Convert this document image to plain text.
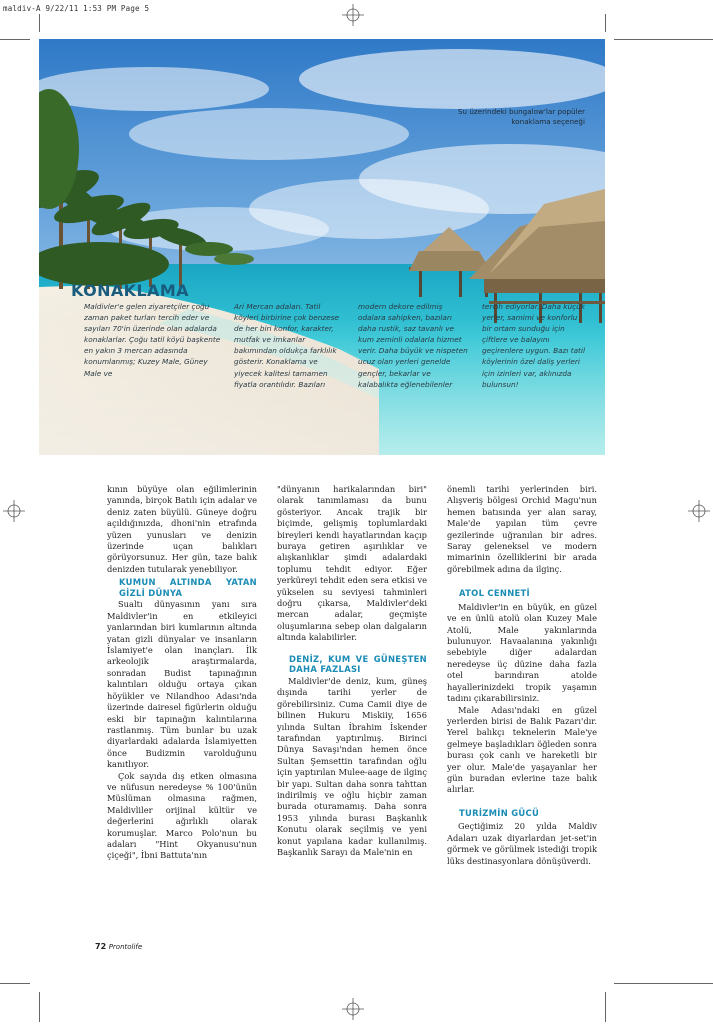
maldiv-A 9/22/11 1:53 PM Page 5
Su üzerindeki bungalow'lar popüler konaklama seçeneği
KONAKLAMA
Maldivler'e gelen ziyaretçiler çoğu zaman paket turları tercih eder ve sayıları 70'in üzerinde olan adalarda konaklarlar. Çoğu tatil köyü başkente en yakın 3 mercan adasında konumlanmış; Kuzey Male, Güney Male ve
Ari Mercan adaları. Tatil köyleri birbirine çok benzese de her biri konfor, karakter, mutfak ve imkanlar bakımından oldukça farklılık gösterir. Konaklama ve yiyecek kalitesi tamamen fiyatla orantılıdır. Bazıları
modern dekore edilmiş odalara sahipken, bazıları daha rustik, saz tavanlı ve kum zeminli odalarla hizmet verir. Daha büyük ve nispeten ucuz olan yerleri genelde gençler, bekarlar ve kalabalıkta eğlenebilenler
tercih ediyorlar. Daha küçük yerler, samimi ve konforlu bir ortam sunduğu için çiftlere ve balayını geçirenlere uygun. Bazı tatil köylerinin özel daliş yerleri için izinleri var, aklınızda bulunsun!

kının büyüye olan eğilimlerinin yanında, birçok Batılı için adalar ve deniz zaten büyülü. Güneye doğru açıldığınızda, dhoni'nin etrafında yüzen yunusları ve denizin üzerinde uçan balıkları görüyorsunuz. Her gün, taze balık denizden tutularak yenebiliyor.

KUMUN ALTINDA YATAN GİZLİ DÜNYA

Sualtı dünyasının yanı sıra Maldivler'in en etkileyici yanlarından biri kumlarının altında yatan gizli dünyalar ve insanların İslamiyet'e olan inançları. İlk arkeolojik araştırmalarda, sonradan Budist tapınağının kalıntıları olduğu ortaya çıkan höyükler ve Nilandhoo Adası'nda üzerinde dairesel figürlerin olduğu eski bir tapınağın kalıntılarına rastlanmış. Tüm bunlar bu uzak diyarlardaki adalarda İslamiyetten önce Budizmin varolduğunu kanıtlıyor.

Çok sayıda dış etken olmasına ve nüfusun neredeyse % 100'ünün Müslüman olmasına rağmen, Maldivliler orijinal kültür ve değerlerini ağırlıklı olarak korumuşlar. Marco Polo'nun bu adaları "Hint Okyanusu'nun çiçeği", İbni Battuta'nın

"dünyanın harikalarından biri" olarak tanımlaması da bunu gösteriyor. Ancak trajik bir biçimde, gelişmiş toplumlardaki bireyleri kendi hayatlarından kaçıp buraya getiren aşırılıklar ve alışkanlıklar şimdi adalardaki toplumu tehdit ediyor. Eğer yerküreyi tehdit eden sera etkisi ve yükselen su seviyesi tahminleri doğru çıkarsa, Maldivler'deki mercan adalar, geçmişte oluşumlarına sebep olan dalgaların altında kalabilirler.

DENİZ, KUM VE GÜNEŞTEN DAHA FAZLASI

Maldivler'de deniz, kum, güneş dışında tarihi yerler de görebilirsiniz. Cuma Camii diye de bilinen Hukuru Miskiiy, 1656 yılında Sultan İbrahim İskender tarafından yaptırılmış. Birinci Dünya Savaşı'ndan hemen önce Sultan Şemsettin tarafından oğlu için yaptırılan Mulee-aage de ilginç bir yapı. Sultan daha sonra tahttan indirilmiş ve oğlu hiçbir zaman burada oturamamış. Daha sonra 1953 yılında burası Başkanlık Konutu olarak seçilmiş ve yeni konut yapılana kadar kullanılmış. Başkanlık Sarayı da Male'nin en

önemli tarihi yerlerinden biri. Alışveriş bölgesi Orchid Magu'nun hemen batısında yer alan saray, Male'de yapılan tüm çevre gezilerinde uğranılan bir adres. Saray geleneksel ve modern mimarinin özelliklerini bir arada görebilmek adına da ilginç.

ATOL CENNETİ

Maldivler'in en büyük, en güzel ve en ünlü atolü olan Kuzey Male Atolü, Male yakınlarında bulunuyor. Havaalanına yakınlığı sebebiyle diğer adalardan neredeyse üç düzine daha fazla otel barındıran atolde hayallerinizdeki tropik yaşamın tadını çıkarabilirsiniz.

Male Adası'ndaki en güzel yerlerden birisi de Balık Pazarı'dır. Yerel balıkçı teknelerin Male'ye gelmeye başladıkları öğleden sonra burası çok canlı ve hareketli bir yer olur. Male'de yaşayanlar her gün buradan evlerine taze balık alırlar.

TURİZMİN GÜCÜ

Geçtiğimiz 20 yılda Maldiv Adaları uzak diyarlardan jet-set'in görmek ve görülmek istediği tropik lüks destinasyonlara dönüşüverdi.

72 Prontolife
